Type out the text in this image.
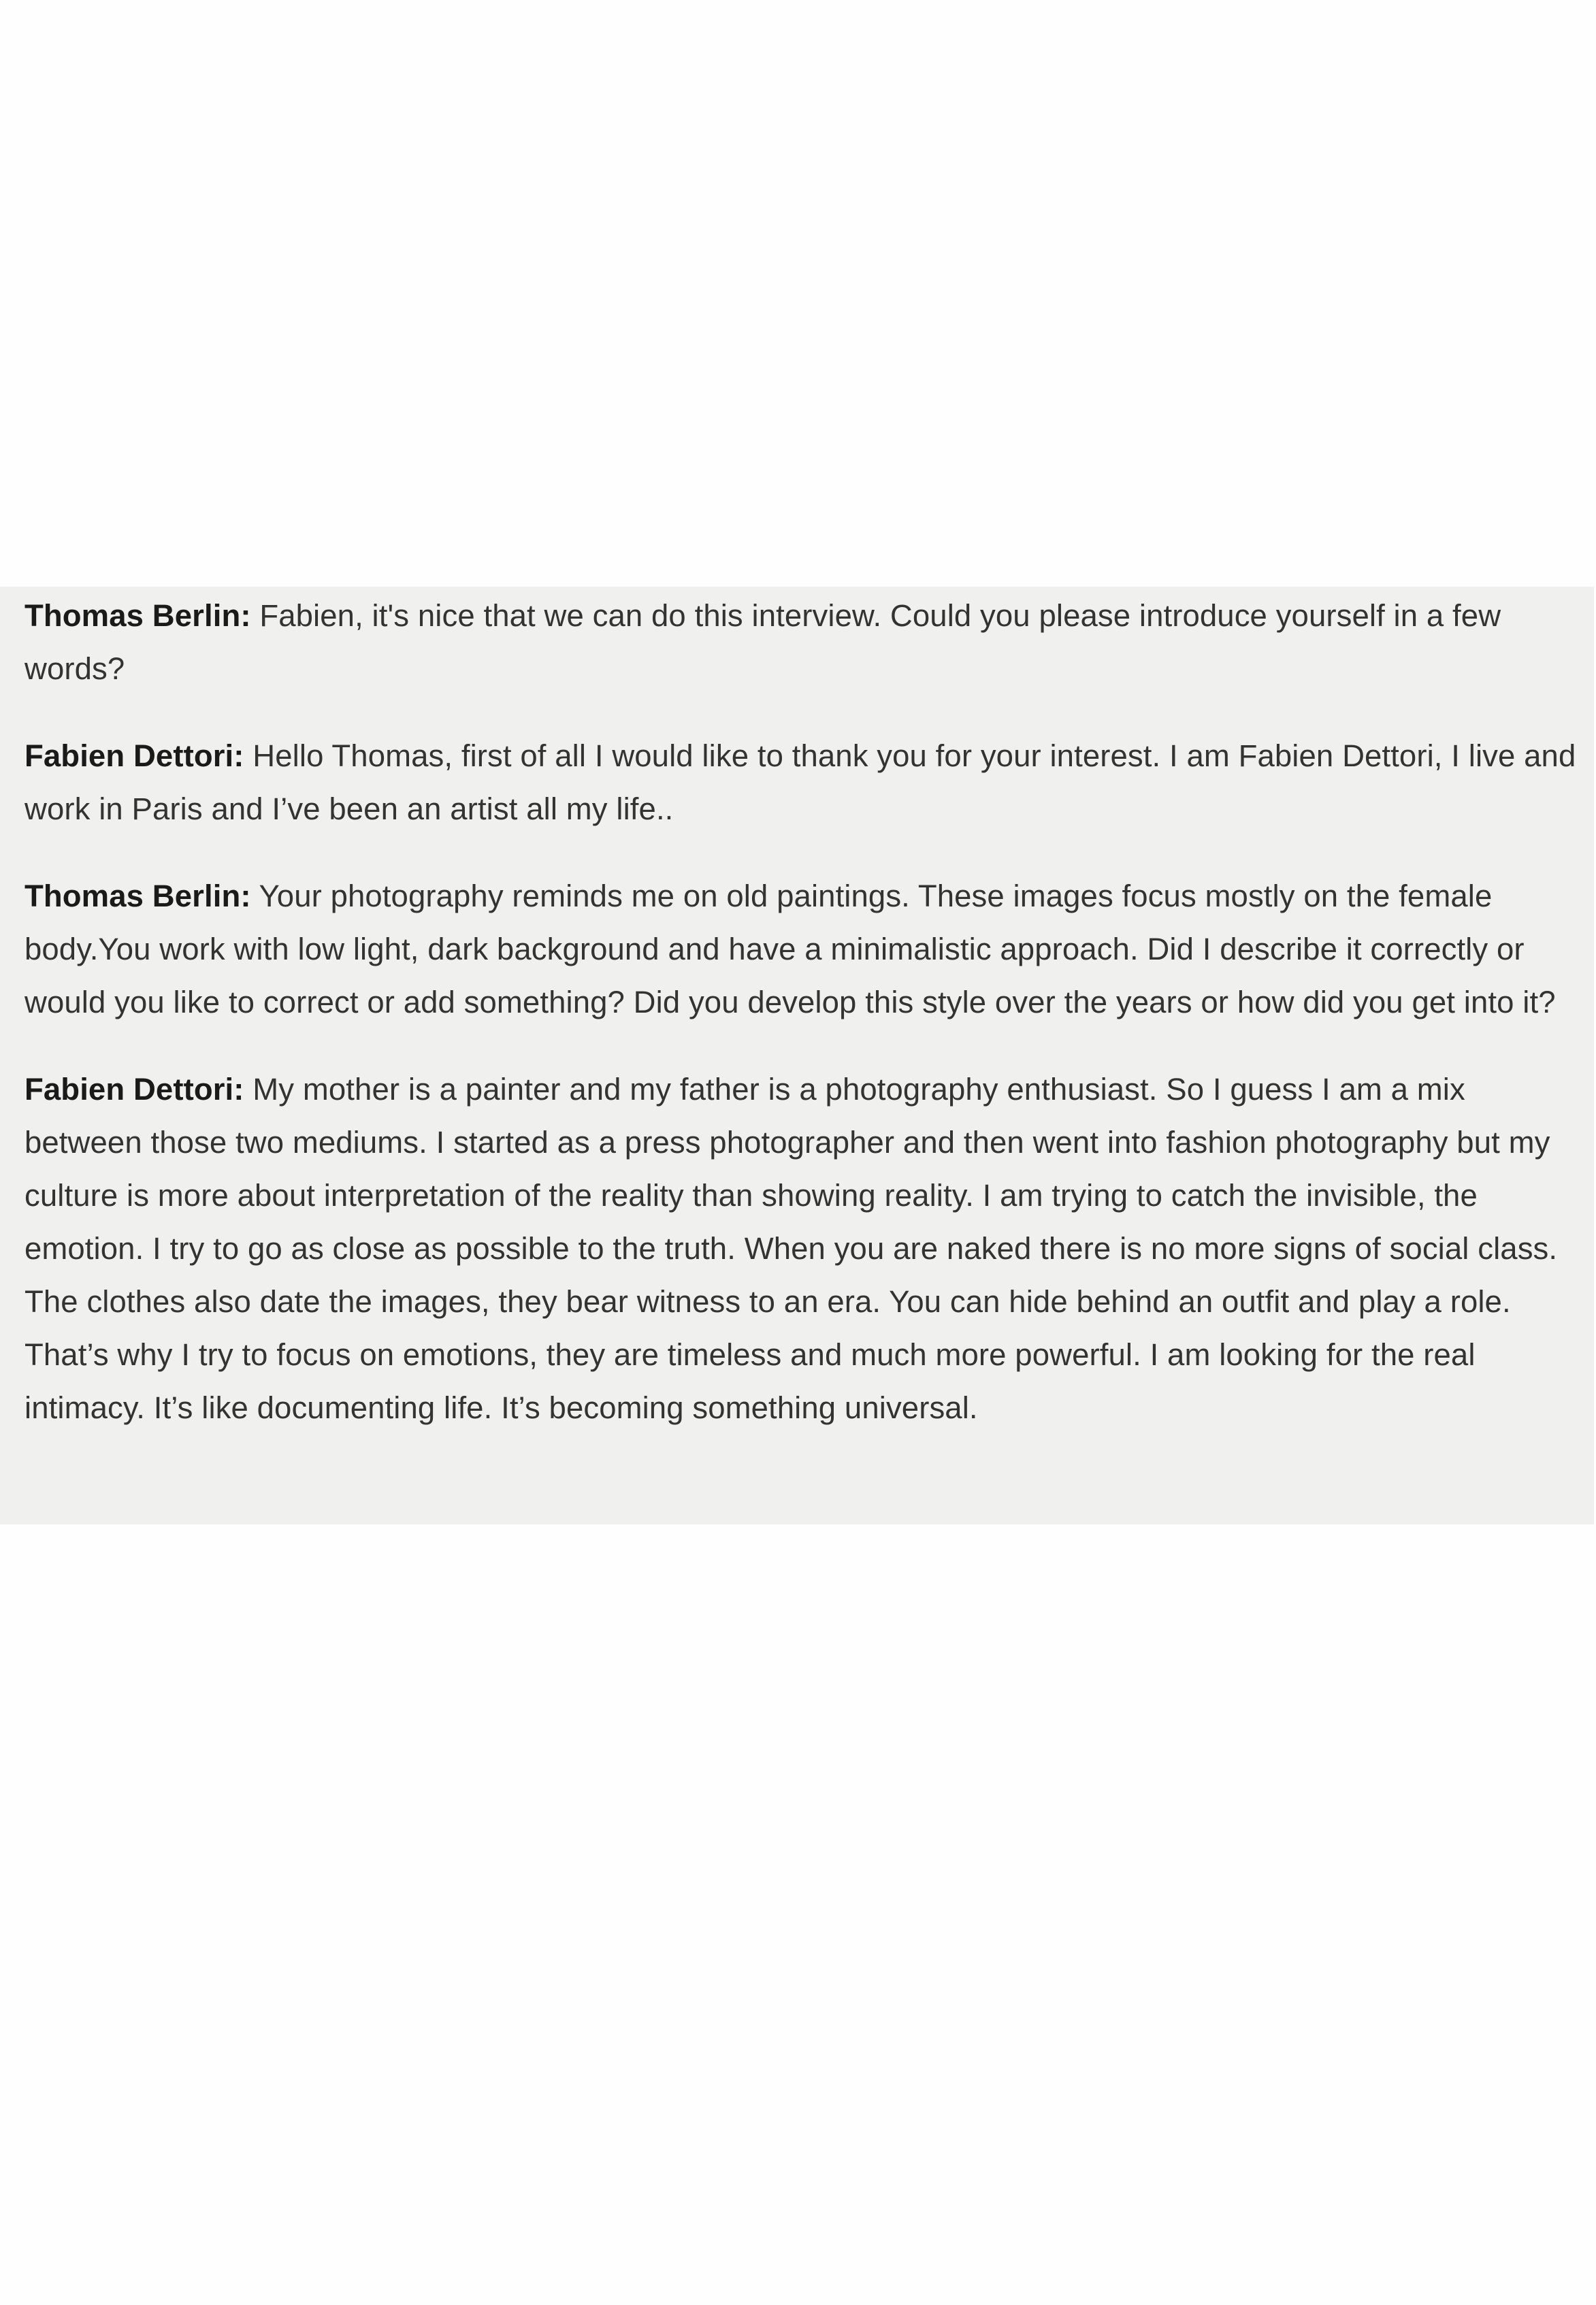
Thomas Berlin: Fabien, it's nice that we can do this interview. Could you please introduce yourself in a few words?

Fabien Dettori: Hello Thomas, first of all I would like to thank you for your interest. I am Fabien Dettori, I live and work in Paris and I’ve been an artist all my life..

Thomas Berlin: Your photography reminds me on old paintings. These images focus mostly on the female body.You work with low light, dark background and have a minimalistic approach. Did I describe it correctly or would you like to correct or add something? Did you develop this style over the years or how did you get into it?

Fabien Dettori: My mother is a painter and my father is a photography enthusiast. So I guess I am a mix between those two mediums. I started as a press photographer and then went into fashion photography but my culture is more about interpretation of the reality than showing reality. I am trying to catch the invisible, the emotion. I try to go as close as possible to the truth. When you are naked there is no more signs of social class. The clothes also date the images, they bear witness to an era. You can hide behind an outfit and play a role. That’s why I try to focus on emotions, they are timeless and much more powerful. I am looking for the real intimacy. It’s like documenting life. It’s becoming something universal.
